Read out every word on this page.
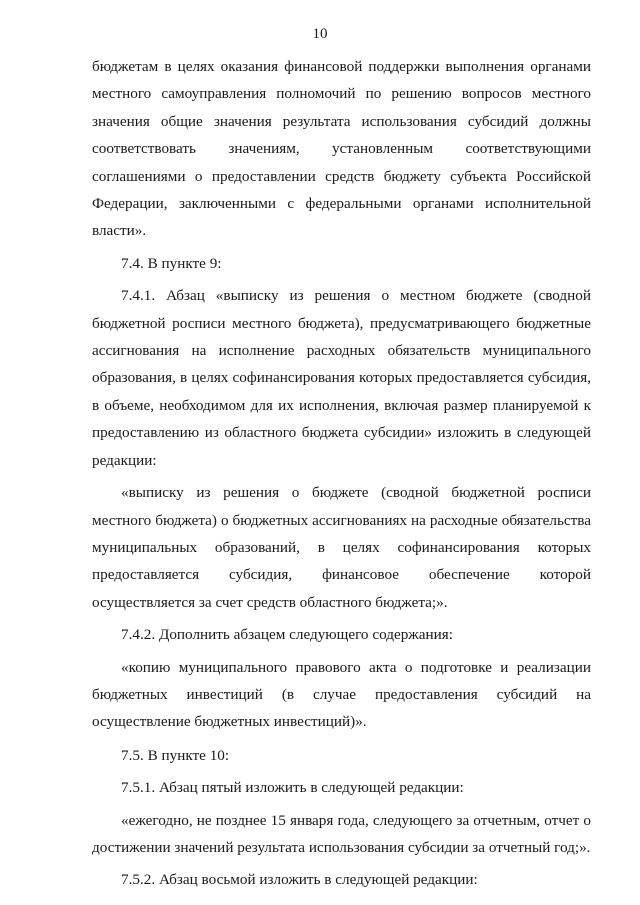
10

бюджетам в целях оказания финансовой поддержки выполнения органами местного самоуправления полномочий по решению вопросов местного значения общие значения результата использования субсидий должны соответствовать значениям, установленным соответствующими соглашениями о предоставлении средств бюджету субъекта Российской Федерации, заключенными с федеральными органами исполнительной власти».

7.4. В пункте 9:

7.4.1. Абзац «выписку из решения о местном бюджете (сводной бюджетной росписи местного бюджета), предусматривающего бюджетные ассигнования на исполнение расходных обязательств муниципального образования, в целях софинансирования которых предоставляется субсидия, в объеме, необходимом для их исполнения, включая размер планируемой к предоставлению из областного бюджета субсидии» изложить в следующей редакции:

«выписку из решения о бюджете (сводной бюджетной росписи местного бюджета) о бюджетных ассигнованиях на расходные обязательства муниципальных образований, в целях софинансирования которых предоставляется субсидия, финансовое обеспечение которой осуществляется за счет средств областного бюджета;».

7.4.2. Дополнить абзацем следующего содержания:

«копию муниципального правового акта о подготовке и реализации бюджетных инвестиций (в случае предоставления субсидий на осуществление бюджетных инвестиций)».

7.5. В пункте 10:

7.5.1. Абзац пятый изложить в следующей редакции:

«ежегодно, не позднее 15 января года, следующего за отчетным, отчет о достижении значений результата использования субсидии за отчетный год;».

7.5.2. Абзац восьмой изложить в следующей редакции:
